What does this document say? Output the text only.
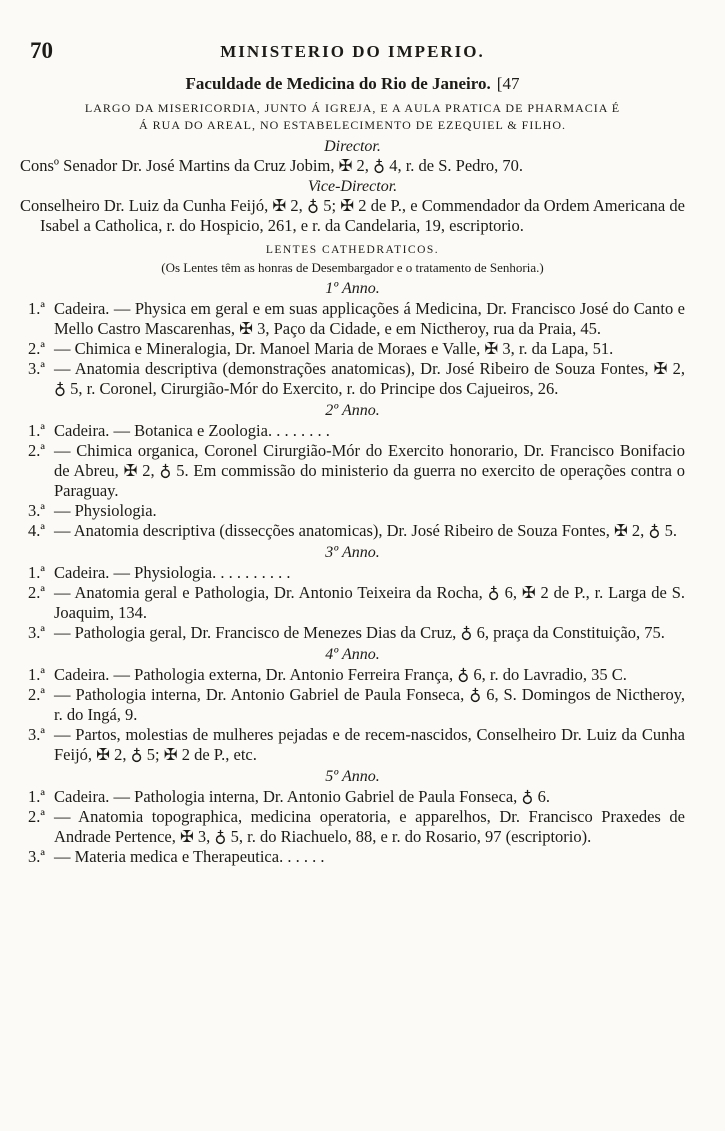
70	MINISTERIO DO IMPERIO.
Faculdade de Medicina do Rio de Janeiro. [47
LARGO DA MISERICORDIA, JUNTO Á IGREJA, E A AULA PRATICA DE PHARMACIA É
Á RUA DO AREAL, NO ESTABELECIMENTO DE EZEQUIEL & FILHO.
Director.
Consº Senador Dr. José Martins da Cruz Jobim, ✠ 2, ♁ 4, r. de S. Pedro, 70.
Vice-Director.
Conselheiro Dr. Luiz da Cunha Feijó, ✠ 2, ♁ 5; ✠ 2 de P., e Commendador da Ordem Americana de Isabel a Catholica, r. do Hospicio, 261, e r. da Candelaria, 19, escriptorio.
LENTES CATHEDRATICOS.
(Os Lentes têm as honras de Desembargador e o tratamento de Senhoria.)
1º Anno.
1.ª Cadeira. — Physica em geral e em suas applicações á Medicina, Dr. Francisco José do Canto e Mello Castro Mascarenhas, ✠ 3, Paço da Cidade, e em Nictheroy, rua da Praia, 45.
2.ª — Chimica e Mineralogia, Dr. Manoel Maria de Moraes e Valle, ✠ 3, r. da Lapa, 51.
3.ª — Anatomia descriptiva (demonstrações anatomicas), Dr. José Ribeiro de Souza Fontes, ✠ 2, ♁ 5, r. Coronel, Cirurgião-Mór do Exercito, r. do Principe dos Cajueiros, 26.
2º Anno.
1.ª Cadeira. — Botanica e Zoologia. . . . . . . .
2.ª — Chimica organica, Coronel Cirurgião-Mór do Exercito honorario, Dr. Francisco Bonifacio de Abreu, ✠ 2, ♁ 5. Em commissão do ministerio da guerra no exercito de operações contra o Paraguay.
3.ª — Physiologia.
4.ª — Anatomia descriptiva (dissecções anatomicas), Dr. José Ribeiro de Souza Fontes, ✠ 2, ♁ 5.
3º Anno.
1.ª Cadeira. — Physiologia. . . . . . . . . .
2.ª — Anatomia geral e Pathologia, Dr. Antonio Teixeira da Rocha, ♁ 6, ✠ 2 de P., r. Larga de S. Joaquim, 134.
3.ª — Pathologia geral, Dr. Francisco de Menezes Dias da Cruz, ♁ 6, praça da Constituição, 75.
4º Anno.
1.ª Cadeira. — Pathologia externa, Dr. Antonio Ferreira França, ♁ 6, r. do Lavradio, 35 C.
2.ª — Pathologia interna, Dr. Antonio Gabriel de Paula Fonseca, ♁ 6, S. Domingos de Nictheroy, r. do Ingá, 9.
3.ª — Partos, molestias de mulheres pejadas e de recem-nascidos, Conselheiro Dr. Luiz da Cunha Feijó, ✠ 2, ♁ 5; ✠ 2 de P., etc.
5º Anno.
1.ª Cadeira. — Pathologia interna, Dr. Antonio Gabriel de Paula Fonseca, ♁ 6.
2.ª — Anatomia topographica, medicina operatoria, e apparelhos, Dr. Francisco Praxedes de Andrade Pertence, ✠ 3, ♁ 5, r. do Riachuelo, 88, e r. do Rosario, 97 (escriptorio).
3.ª — Materia medica e Therapeutica. . . . . .
